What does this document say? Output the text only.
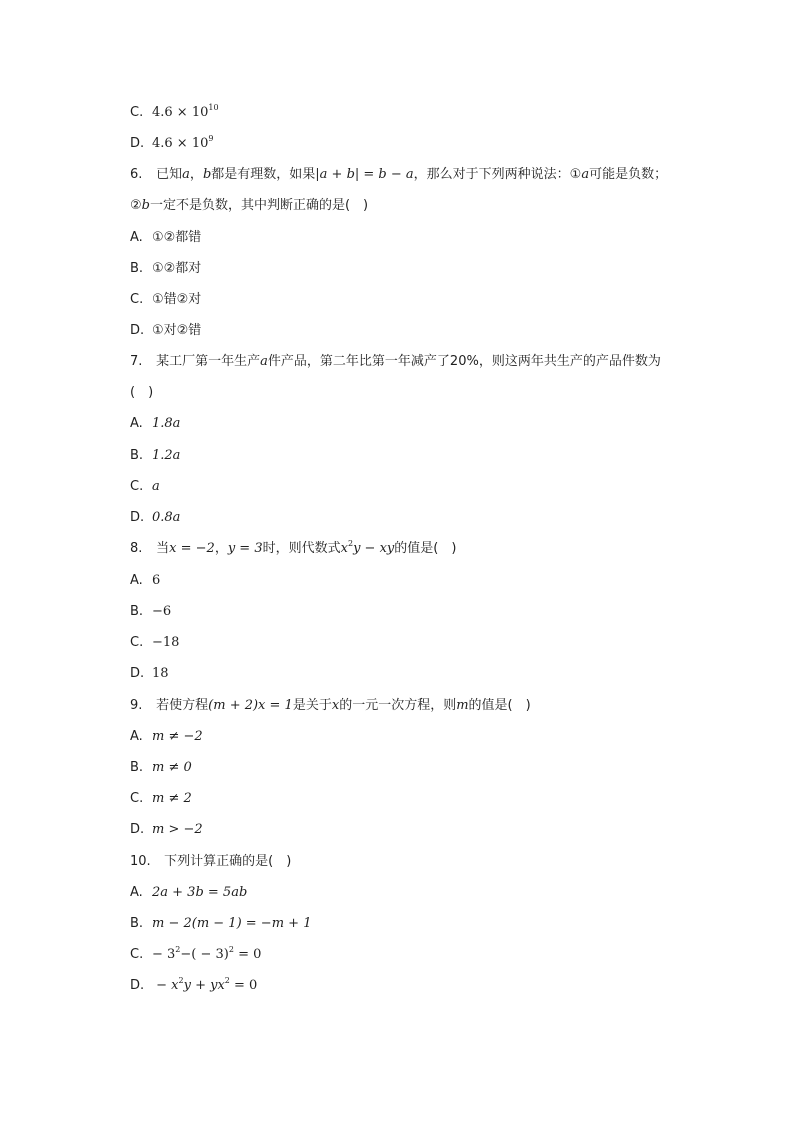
C. $4.6 \times 10^{10}$
D. $4.6 \times 10^9$
6. 已知a，b都是有理数，如果|a + b| = b − a，那么对于下列两种说法：①a可能是负数；
②b一定不是负数，其中判断正确的是(　)
A. ①②都错
B. ①②都对
C. ①错②对
D. ①对②错
7. 某工厂第一年生产a件产品，第二年比第一年减产了20%，则这两年共生产的产品件数为
(　)
A. 1.8a
B. 1.2a
C. a
D. 0.8a
8. 当x = −2，y = 3时，则代数式$x^2y$ − xy的值是(　)
A. 6
B. −6
C. −18
D. 18
9. 若使方程(m + 2)x = 1是关于x的一元一次方程，则m的值是(　)
A. m ≠ −2
B. m ≠ 0
C. m ≠ 2
D. m > −2
10. 下列计算正确的是(　)
A. 2a + 3b = 5ab
B. m − 2(m − 1) = −m + 1
C. − $3^2-( - 3)^2 = 0$
D. − $x^2y + yx^2 = 0$
